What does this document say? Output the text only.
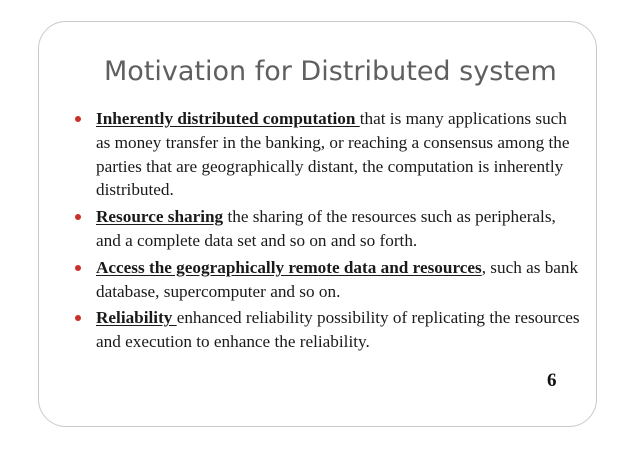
Motivation for Distributed system
Inherently distributed computation that is many applications such as money transfer in the banking, or reaching a consensus among the parties that are geographically distant, the computation is inherently distributed.
Resource sharing the sharing of the resources such as peripherals, and a complete data set and so on and so forth.
Access the geographically remote data and resources, such as bank database, supercomputer and so on.
Reliability enhanced reliability possibility of replicating the resources and execution to enhance the reliability.
6
